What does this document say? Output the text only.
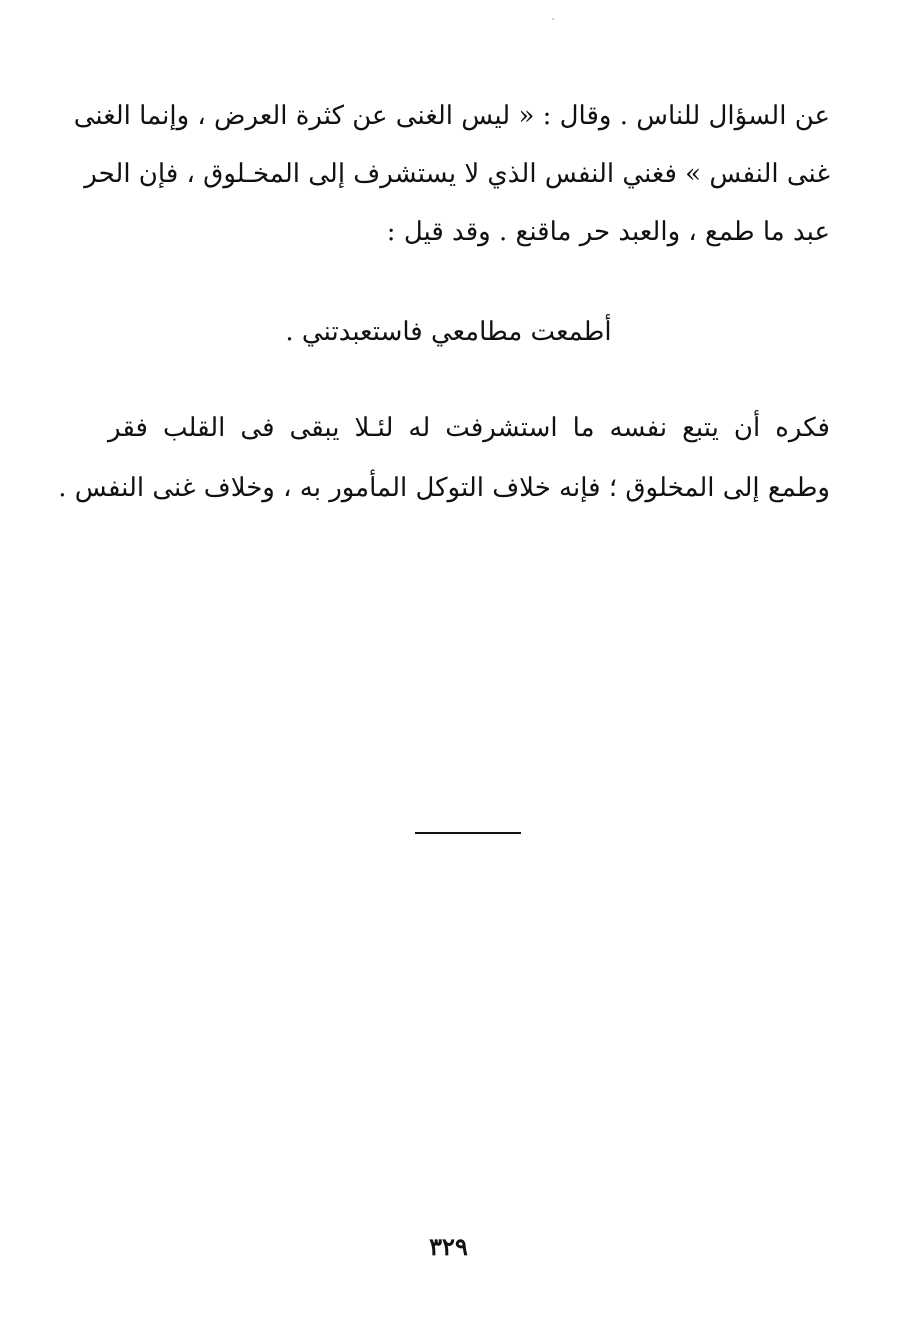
عن السؤال للناس . وقال : « ليس الغنى عن كثرة العرض ، وإنما الغنى
غنى النفس » فغني النفس الذي لا يستشرف إلى المخـلوق ، فإن الحر
عبد ما طمع ، والعبد حر ماقنع . وقد قيل :
أطمعت مطامعي فاستعبدتني .
فكره أن يتبع نفسه ما استشرفت له لئـلا يبقى فى القلب فقر
وطمع إلى المخلوق ؛ فإنه خلاف التوكل المأمور به ، وخلاف غنى النفس .
٣٢٩
